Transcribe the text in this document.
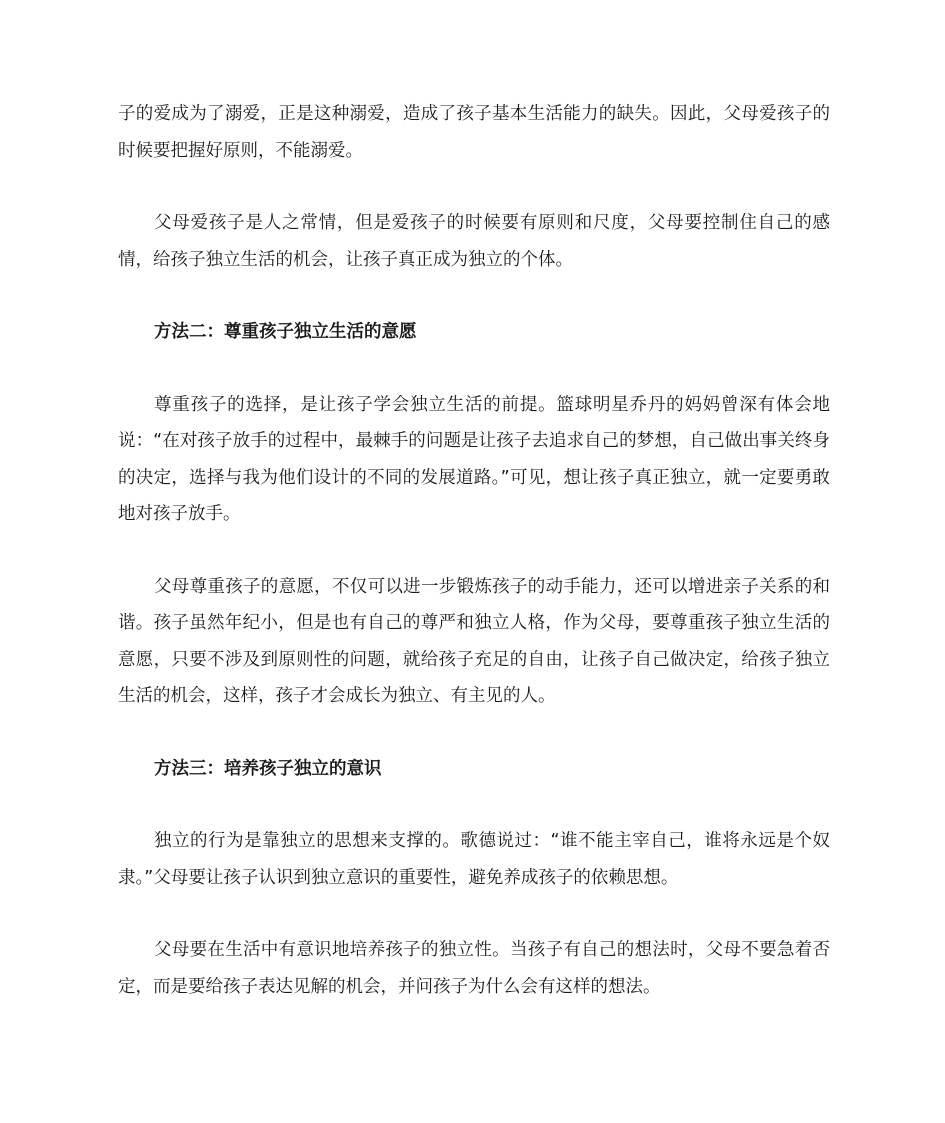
子的爱成为了溺爱，正是这种溺爱，造成了孩子基本生活能力的缺失。因此，父母爱孩子的时候要把握好原则，不能溺爱。

父母爱孩子是人之常情，但是爱孩子的时候要有原则和尺度，父母要控制住自己的感情，给孩子独立生活的机会，让孩子真正成为独立的个体。

方法二：尊重孩子独立生活的意愿

尊重孩子的选择，是让孩子学会独立生活的前提。篮球明星乔丹的妈妈曾深有体会地说：“在对孩子放手的过程中，最棘手的问题是让孩子去追求自己的梦想，自己做出事关终身的决定，选择与我为他们设计的不同的发展道路。”可见，想让孩子真正独立，就一定要勇敢地对孩子放手。

父母尊重孩子的意愿，不仅可以进一步锻炼孩子的动手能力，还可以增进亲子关系的和谐。孩子虽然年纪小，但是也有自己的尊严和独立人格，作为父母，要尊重孩子独立生活的意愿，只要不涉及到原则性的问题，就给孩子充足的自由，让孩子自己做决定，给孩子独立生活的机会，这样，孩子才会成长为独立、有主见的人。

方法三：培养孩子独立的意识

独立的行为是靠独立的思想来支撑的。歌德说过：“谁不能主宰自己，谁将永远是个奴隶。”父母要让孩子认识到独立意识的重要性，避免养成孩子的依赖思想。

父母要在生活中有意识地培养孩子的独立性。当孩子有自己的想法时，父母不要急着否定，而是要给孩子表达见解的机会，并问孩子为什么会有这样的想法。
